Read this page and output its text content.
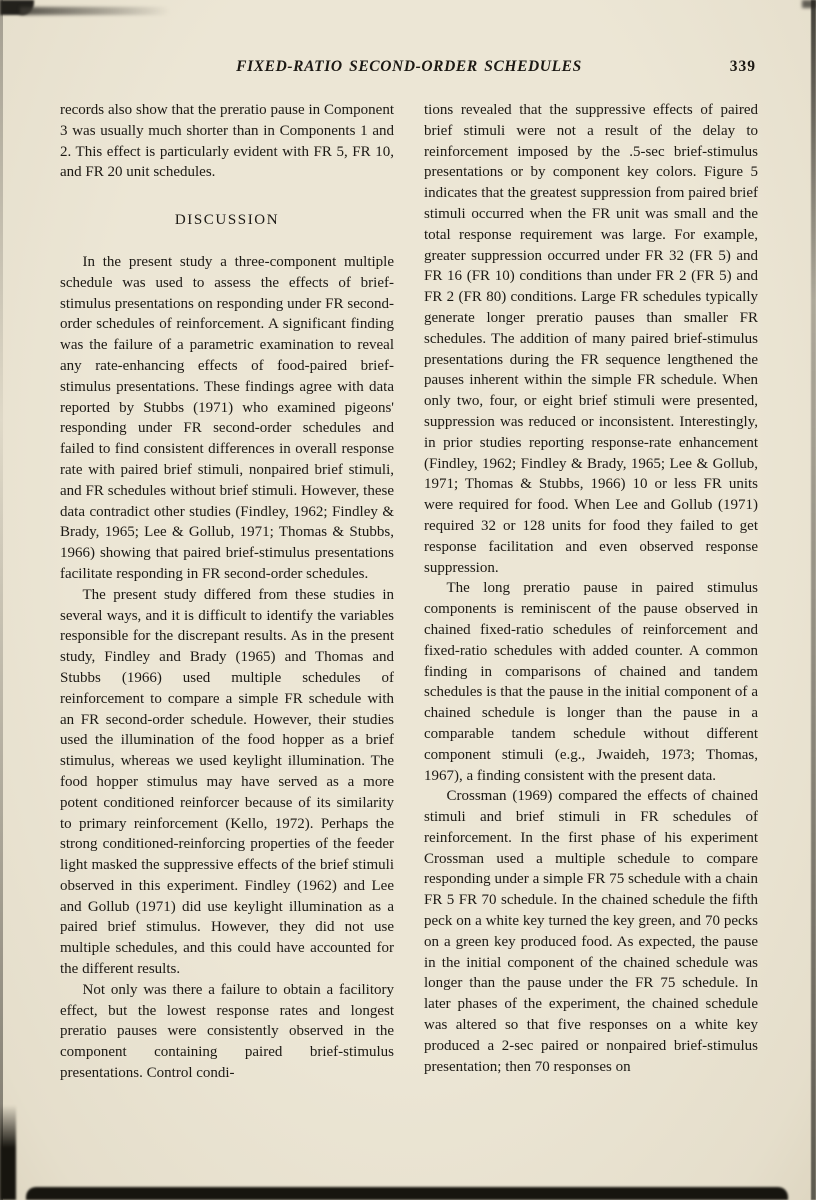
FIXED-RATIO SECOND-ORDER SCHEDULES	339

records also show that the preratio pause in Component 3 was usually much shorter than in Components 1 and 2. This effect is particularly evident with FR 5, FR 10, and FR 20 unit schedules.

DISCUSSION

In the present study a three-component multiple schedule was used to assess the effects of brief-stimulus presentations on responding under FR second-order schedules of reinforcement. A significant finding was the failure of a parametric examination to reveal any rate-enhancing effects of food-paired brief-stimulus presentations. These findings agree with data reported by Stubbs (1971) who examined pigeons' responding under FR second-order schedules and failed to find consistent differences in overall response rate with paired brief stimuli, nonpaired brief stimuli, and FR schedules without brief stimuli. However, these data contradict other studies (Findley, 1962; Findley & Brady, 1965; Lee & Gollub, 1971; Thomas & Stubbs, 1966) showing that paired brief-stimulus presentations facilitate responding in FR second-order schedules.

The present study differed from these studies in several ways, and it is difficult to identify the variables responsible for the discrepant results. As in the present study, Findley and Brady (1965) and Thomas and Stubbs (1966) used multiple schedules of reinforcement to compare a simple FR schedule with an FR second-order schedule. However, their studies used the illumination of the food hopper as a brief stimulus, whereas we used keylight illumination. The food hopper stimulus may have served as a more potent conditioned reinforcer because of its similarity to primary reinforcement (Kello, 1972). Perhaps the strong conditioned-reinforcing properties of the feeder light masked the suppressive effects of the brief stimuli observed in this experiment. Findley (1962) and Lee and Gollub (1971) did use keylight illumination as a paired brief stimulus. However, they did not use multiple schedules, and this could have accounted for the different results.

Not only was there a failure to obtain a facilitory effect, but the lowest response rates and longest preratio pauses were consistently observed in the component containing paired brief-stimulus presentations. Control condi-

tions revealed that the suppressive effects of paired brief stimuli were not a result of the delay to reinforcement imposed by the .5-sec brief-stimulus presentations or by component key colors. Figure 5 indicates that the greatest suppression from paired brief stimuli occurred when the FR unit was small and the total response requirement was large. For example, greater suppression occurred under FR 32 (FR 5) and FR 16 (FR 10) conditions than under FR 2 (FR 5) and FR 2 (FR 80) conditions. Large FR schedules typically generate longer preratio pauses than smaller FR schedules. The addition of many paired brief-stimulus presentations during the FR sequence lengthened the pauses inherent within the simple FR schedule. When only two, four, or eight brief stimuli were presented, suppression was reduced or inconsistent. Interestingly, in prior studies reporting response-rate enhancement (Findley, 1962; Findley & Brady, 1965; Lee & Gollub, 1971; Thomas & Stubbs, 1966) 10 or less FR units were required for food. When Lee and Gollub (1971) required 32 or 128 units for food they failed to get response facilitation and even observed response suppression.

The long preratio pause in paired stimulus components is reminiscent of the pause observed in chained fixed-ratio schedules of reinforcement and fixed-ratio schedules with added counter. A common finding in comparisons of chained and tandem schedules is that the pause in the initial component of a chained schedule is longer than the pause in a comparable tandem schedule without different component stimuli (e.g., Jwaideh, 1973; Thomas, 1967), a finding consistent with the present data.

Crossman (1969) compared the effects of chained stimuli and brief stimuli in FR schedules of reinforcement. In the first phase of his experiment Crossman used a multiple schedule to compare responding under a simple FR 75 schedule with a chain FR 5 FR 70 schedule. In the chained schedule the fifth peck on a white key turned the key green, and 70 pecks on a green key produced food. As expected, the pause in the initial component of the chained schedule was longer than the pause under the FR 75 schedule. In later phases of the experiment, the chained schedule was altered so that five responses on a white key produced a 2-sec paired or nonpaired brief-stimulus presentation; then 70 responses on
